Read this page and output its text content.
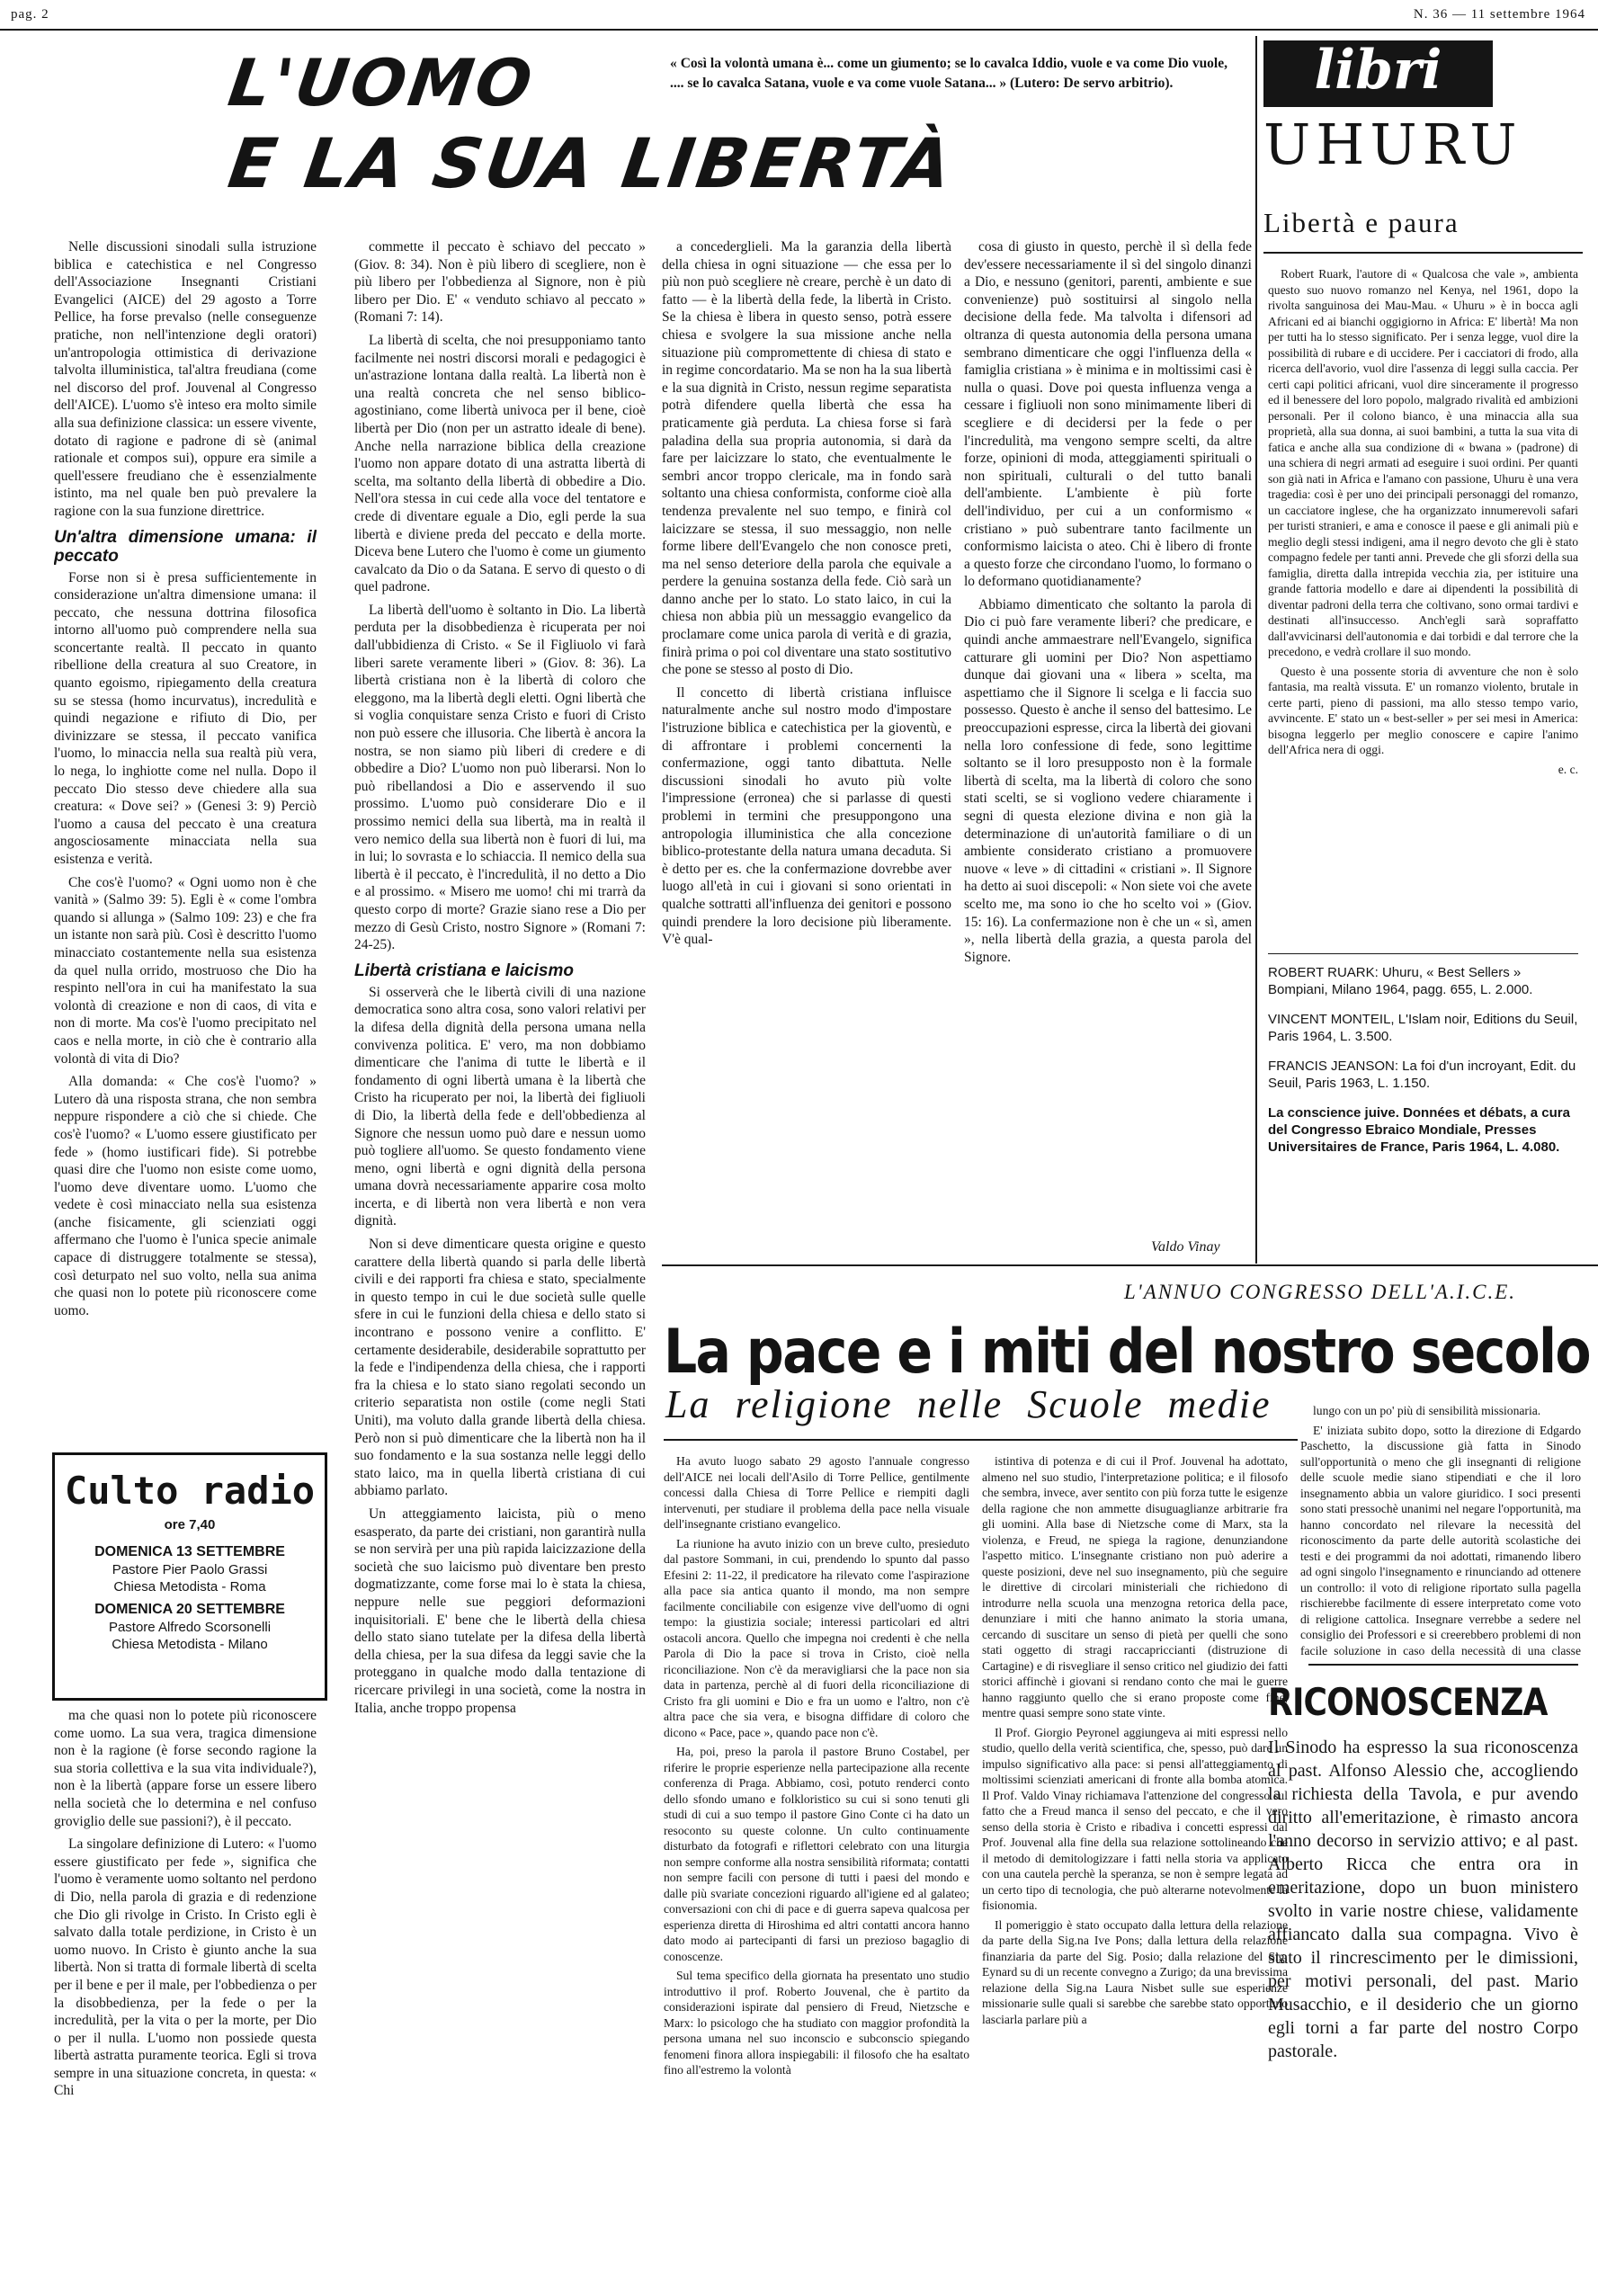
pag. 2	N. 36 — 11 settembre 1964
L'UOMO
E LA SUA LIBERTÀ
« Così la volontà umana è... come un giumento; se lo cavalca Iddio, vuole e va come Dio vuole, .... se lo cavalca Satana, vuole e va come vuole Satana... » (Lutero: De servo arbitrio).

Nelle discussioni sinodali sulla istruzione biblica e catechistica e nel Congresso dell'Associazione Insegnanti Cristiani Evangelici (AICE) del 29 agosto a Torre Pellice, ha forse prevalso (nelle conseguenze pratiche, non nell'intenzione degli oratori) un'antropologia ottimistica di derivazione talvolta illuministica, tal'altra freudiana (come nel discorso del prof. Jouvenal al Congresso dell'AICE). L'uomo s'è inteso era molto simile alla sua definizione classica: un essere vivente, dotato di ragione e padrone di sè (animal rationale et compos sui), oppure era simile a quell'essere freudiano che è essenzialmente istinto, ma nel quale ben può prevalere la ragione con la sua funzione direttrice.

Un'altra dimensione umana: il peccato

Forse non si è presa sufficientemente in considerazione un'altra dimensione umana: il peccato, che nessuna dottrina filosofica intorno all'uomo può comprendere nella sua sconcertante realtà. Il peccato in quanto ribellione della creatura al suo Creatore, in quanto egoismo, ripiegamento della creatura su se stessa (homo incurvatus), incredulità e quindi negazione e rifiuto di Dio, per divinizzare se stessa, il peccato vanifica l'uomo, lo minaccia nella sua realtà più vera, lo nega, lo inghiotte come nel nulla. Dopo il peccato Dio stesso deve chiedere alla sua creatura: « Dove sei? » (Genesi 3: 9) Perciò l'uomo a causa del peccato è una creatura angosciosamente minacciata nella sua esistenza e verità.

Che cos'è l'uomo? « Ogni uomo non è che vanità » (Salmo 39: 5). Egli è « come l'ombra quando si allunga » (Salmo 109: 23) e che fra un istante non sarà più. Così è descritto l'uomo minacciato costantemente nella sua esistenza da quel nulla orrido, mostruoso che Dio ha respinto nell'ora in cui ha manifestato la sua volontà di creazione e non di caos, di vita e non di morte. Ma cos'è l'uomo precipitato nel caos e nella morte, in ciò che è contrario alla volontà di vita di Dio?

Alla domanda: « Che cos'è l'uomo? » Lutero dà una risposta strana, che non sembra neppure rispondere a ciò che si chiede. Che cos'è l'uomo? « L'uomo essere giustificato per fede » (homo iustificari fide). Si potrebbe quasi dire che l'uomo non esiste come uomo, l'uomo deve diventare uomo. L'uomo che vedete è così minacciato nella sua esistenza (anche fisicamente, gli scienziati oggi affermano che l'uomo è l'unica specie animale capace di distruggere totalmente se stessa), così deturpato nel suo volto, nella sua anima che quasi non lo potete più riconoscere come uomo.

Culto radio
ore 7,40
DOMENICA 13 SETTEMBRE
Pastore Pier Paolo Grassi
Chiesa Metodista - Roma
DOMENICA 20 SETTEMBRE
Pastore Alfredo Scorsonelli
Chiesa Metodista - Milano

ma che quasi non lo potete più riconoscere come uomo. La sua vera, tragica dimensione non è la ragione (è forse secondo ragione la sua storia collettiva e la sua vita individuale?), non è la libertà (appare forse un essere libero nella società che lo determina e nel confuso groviglio delle sue passioni?), è il peccato.

La singolare definizione di Lutero: « l'uomo essere giustificato per fede », significa che l'uomo è veramente uomo soltanto nel perdono di Dio, nella parola di grazia e di redenzione che Dio gli rivolge in Cristo. In Cristo egli è salvato dalla totale perdizione, in Cristo è un uomo nuovo. In Cristo è giunto anche la sua libertà. Non si tratta di formale libertà di scelta per il bene e per il male, per l'obbedienza o per la disobbedienza, per la fede o per la incredulità, per la vita o per la morte, per Dio o per il nulla. L'uomo non possiede questa libertà astratta puramente teorica. Egli si trova sempre in una situazione concreta, in questa: « Chi

commette il peccato è schiavo del peccato » (Giov. 8: 34). Non è più libero di scegliere, non è più libero per l'obbedienza al Signore, non è più libero per Dio. E' « venduto schiavo al peccato » (Romani 7: 14).

La libertà di scelta, che noi presupponiamo tanto facilmente nei nostri discorsi morali e pedagogici è un'astrazione lontana dalla realtà. La libertà non è una realtà concreta che nel senso biblico-agostiniano, come libertà univoca per il bene, cioè libertà per Dio (non per un astratto ideale di bene). Anche nella narrazione biblica della creazione l'uomo non appare dotato di una astratta libertà di scelta, ma soltanto della libertà di obbedire a Dio. Nell'ora stessa in cui cede alla voce del tentatore e crede di diventare eguale a Dio, egli perde la sua libertà e diviene preda del peccato e della morte. Diceva bene Lutero che l'uomo è come un giumento cavalcato da Dio o da Satana. E servo di questo o di quel padrone.

La libertà dell'uomo è soltanto in Dio. La libertà perduta per la disobbedienza è ricuperata per noi dall'ubbidienza di Cristo. « Se il Figliuolo vi farà liberi sarete veramente liberi » (Giov. 8: 36). La libertà cristiana non è la libertà di coloro che eleggono, ma la libertà degli eletti. Ogni libertà che si voglia conquistare senza Cristo e fuori di Cristo non può essere che illusoria. Che libertà è ancora la nostra, se non siamo più liberi di credere e di obbedire a Dio? L'uomo non può liberarsi. Non lo può ribellandosi a Dio e asservendo il suo prossimo. L'uomo può considerare Dio e il prossimo nemici della sua libertà, ma in realtà il vero nemico della sua libertà non è fuori di lui, ma in lui; lo sovrasta e lo schiaccia. Il nemico della sua libertà è il peccato, è l'incredulità, il no detto a Dio e al prossimo. « Misero me uomo! chi mi trarrà da questo corpo di morte? Grazie siano rese a Dio per mezzo di Gesù Cristo, nostro Signore » (Romani 7: 24-25).

Libertà cristiana e laicismo

Si osserverà che le libertà civili di una nazione democratica sono altra cosa, sono valori relativi per la difesa della dignità della persona umana nella convivenza politica. E' vero, ma non dobbiamo dimenticare che l'anima di tutte le libertà e il fondamento di ogni libertà umana è la libertà che Cristo ha ricuperato per noi, la libertà dei figliuoli di Dio, la libertà della fede e dell'obbedienza al Signore che nessun uomo può dare e nessun uomo può togliere all'uomo. Se questo fondamento viene meno, ogni libertà e ogni dignità della persona umana dovrà necessariamente apparire cosa molto incerta, e di libertà non vera libertà e non vera dignità.

Non si deve dimenticare questa origine e questo carattere della libertà quando si parla delle libertà civili e dei rapporti fra chiesa e stato, specialmente in questo tempo in cui le due società sulle quelle sfere in cui le funzioni della chiesa e dello stato si incontrano e possono venire a conflitto. E' certamente desiderabile, desiderabile soprattutto per la fede e l'indipendenza della chiesa, che i rapporti fra la chiesa e lo stato siano regolati secondo un criterio separatista non ostile (come negli Stati Uniti), ma voluto dalla grande libertà della chiesa. Però non si può dimenticare che la libertà non ha il suo fondamento e la sua sostanza nelle leggi dello stato laico, ma in quella libertà cristiana di cui abbiamo parlato.

Un atteggiamento laicista, più o meno esasperato, da parte dei cristiani, non garantirà nulla se non servirà per una più rapida laicizzazione della società che suo laicismo può diventare ben presto dogmatizzante, come forse mai lo è stata la chiesa, neppure nelle sue peggiori deformazioni inquisitoriali. E' bene che le libertà della chiesa dello stato siano tutelate per la difesa della libertà della chiesa, per la sua difesa da leggi savie che la proteggano in qualche modo dalla tentazione di ricercare privilegi in una società, come la nostra in Italia, anche troppo propensa

a concederglieli. Ma la garanzia della libertà della chiesa in ogni situazione — che essa per lo più non può scegliere nè creare, perchè è un dato di fatto — è la libertà della fede, la libertà in Cristo. Se la chiesa è libera in questo senso, potrà essere chiesa e svolgere la sua missione anche nella situazione più compromettente di chiesa di stato e in regime concordatario. Ma se non ha la sua libertà e la sua dignità in Cristo, nessun regime separatista potrà difendere quella libertà che essa ha praticamente già perduta. La chiesa forse si farà paladina della sua propria autonomia, si darà da fare per laicizzare lo stato, che eventualmente le sembri ancor troppo clericale, ma in fondo sarà soltanto una chiesa conformista, conforme cioè alla tendenza prevalente nel suo tempo, e finirà col laicizzare se stessa, il suo messaggio, non nelle forme libere dell'Evangelo che non conosce preti, ma nel senso deteriore della parola che equivale a perdere la genuina sostanza della fede. Ciò sarà un danno anche per lo stato. Lo stato laico, in cui la chiesa non abbia più un messaggio evangelico da proclamare come unica parola di verità e di grazia, finirà prima o poi col diventare una stato sostitutivo che pone se stesso al posto di Dio.

Il concetto di libertà cristiana influisce naturalmente anche sul nostro modo d'impostare l'istruzione biblica e catechistica per la gioventù, e di affrontare i problemi concernenti la confermazione, oggi tanto dibattuta. Nelle discussioni sinodali ho avuto più volte l'impressione (erronea) che si parlasse di questi problemi in termini che presuppongono una antropologia illuministica che alla concezione biblico-protestante della natura umana decaduta. Si è detto per es. che la confermazione dovrebbe aver luogo all'età in cui i giovani si sono orientati in qualche sottratti all'influenza dei genitori e possono quindi prendere la loro decisione più liberamente. V'è qual-

cosa di giusto in questo, perchè il sì della fede dev'essere necessariamente il sì del singolo dinanzi a Dio, e nessuno (genitori, parenti, ambiente e sue convenienze) può sostituirsi al singolo nella decisione della fede. Ma talvolta i difensori ad oltranza di questa autonomia della persona umana sembrano dimenticare che oggi l'influenza della « famiglia cristiana » è minima e in moltissimi casi è nulla o quasi. Dove poi questa influenza venga a cessare i figliuoli non sono minimamente liberi di scegliere e di decidersi per la fede o per l'incredulità, ma vengono sempre scelti, da altre forze, opinioni di moda, atteggiamenti spirituali o non spirituali, culturali o del tutto banali dell'ambiente. L'ambiente è più forte dell'individuo, per cui a un conformismo « cristiano » può subentrare tanto facilmente un conformismo laicista o ateo. Chi è libero di fronte a questo forze che circondano l'uomo, lo formano o lo deformano quotidianamente?

Abbiamo dimenticato che soltanto la parola di Dio ci può fare veramente liberi? che predicare, e quindi anche ammaestrare nell'Evangelo, significa catturare gli uomini per Dio? Non aspettiamo dunque dai giovani una « libera » scelta, ma aspettiamo che il Signore li scelga e li faccia suo possesso. Questo è anche il senso del battesimo. Le preoccupazioni espresse, circa la libertà dei giovani nella loro confessione di fede, sono legittime soltanto se il loro presupposto non è la formale libertà di scelta, ma la libertà di coloro che sono stati scelti, se si vogliono vedere chiaramente i segni di questa elezione divina e non già la determinazione di un'autorità familiare o di un ambiente considerato cristiano a promuovere nuove « leve » di cittadini « cristiani ». Il Signore ha detto ai suoi discepoli: « Non siete voi che avete scelto me, ma sono io che ho scelto voi » (Giov. 15: 16). La confermazione non è che un « sì, amen », nella libertà della grazia, a questa parola del Signore.

Valdo Vinay
libri
UHURU
Libertà e paura

Robert Ruark, l'autore di « Qualcosa che vale », ambienta questo suo nuovo romanzo nel Kenya, nel 1961, dopo la rivolta sanguinosa dei Mau-Mau. « Uhuru » è in bocca agli Africani ed ai bianchi oggigiorno in Africa: E' libertà! Ma non per tutti ha lo stesso significato. Per i senza legge, vuol dire la possibilità di rubare e di uccidere. Per i cacciatori di frodo, alla ricerca dell'avorio, vuol dire l'assenza di leggi sulla caccia. Per certi capi politici africani, vuol dire sinceramente il progresso ed il benessere del loro popolo, malgrado rivalità ed ambizioni personali. Per il colono bianco, è una minaccia alla sua proprietà, alla sua donna, ai suoi bambini, a tutta la sua vita di fatica e anche alla sua condizione di « bwana » (padrone) di una schiera di negri armati ad eseguire i suoi ordini. Per quanti son già nati in Africa e l'amano con passione, Uhuru è una vera tragedia: così è per uno dei principali personaggi del romanzo, un cacciatore inglese, che ha organizzato innumerevoli safari per turisti stranieri, e ama e conosce il paese e gli animali più e meglio degli stessi indigeni, ama il negro devoto che gli è stato compagno fedele per tanti anni. Prevede che gli sforzi della sua famiglia, diretta dalla intrepida vecchia zia, per istituire una grande fattoria modello e dare ai dipendenti la possibilità di diventar padroni della terra che coltivano, sono ormai tardivi e destinati all'insuccesso. Anch'egli sarà sopraffatto dall'avvicinarsi dell'autonomia e dai torbidi e dal terrore che la precedono, e vedrà crollare il suo mondo.

Questo è una possente storia di avventure che non è solo fantasia, ma realtà vissuta. E' un romanzo violento, brutale in certe parti, pieno di passioni, ma allo stesso tempo vario, avvincente. E' stato un « best-seller » per sei mesi in America: bisogna leggerlo per meglio conoscere e capire l'animo dell'Africa nera di oggi.

e. c.
ROBERT RUARK: Uhuru, « Best Sellers » Bompiani, Milano 1964, pagg. 655, L. 2.000.
VINCENT MONTEIL, L'Islam noir, Editions du Seuil, Paris 1964, L. 3.500.
FRANCIS JEANSON: La foi d'un incroyant, Edit. du Seuil, Paris 1963, L. 1.150.
La conscience juive. Données et débats, a cura del Congresso Ebraico Mondiale, Presses Universitaires de France, Paris 1964, L. 4.080.
L'ANNUO CONGRESSO DELL'A.I.C.E.
La pace e i miti del nostro secolo
La religione nelle Scuole medie

Ha avuto luogo sabato 29 agosto l'annuale congresso dell'AICE nei locali dell'Asilo di Torre Pellice, gentilmente concessi dalla Chiesa di Torre Pellice e riempiti dagli intervenuti, per studiare il problema della pace nella visuale dell'insegnante cristiano evangelico.

La riunione ha avuto inizio con un breve culto, presieduto dal pastore Sommani, in cui, prendendo lo spunto dal passo Efesini 2: 11-22, il predicatore ha rilevato come l'aspirazione alla pace sia antica quanto il mondo, ma non sempre facilmente conciliabile con esigenze vive dell'uomo di ogni tempo: la giustizia sociale; interessi particolari ed altri ostacoli ancora. Quello che impegna noi credenti è che nella Parola di Dio la pace si trova in Cristo, cioè nella riconciliazione. Non c'è da meravigliarsi che la pace non sia data in partenza, perchè al di fuori della riconciliazione di Cristo fra gli uomini e Dio e fra un uomo e l'altro, non c'è altra pace che sia vera, e bisogna diffidare di coloro che dicono « Pace, pace », quando pace non c'è.

Ha, poi, preso la parola il pastore Bruno Costabel, per riferire le proprie esperienze nella partecipazione alla recente conferenza di Praga. Abbiamo, così, potuto renderci conto dello sfondo umano e folkloristico su cui si sono tenuti gli studi di cui a suo tempo il pastore Gino Conte ci ha dato un resoconto su queste colonne. Un culto continuamente disturbato da fotografi e riflettori celebrato con una liturgia non sempre conforme alla nostra sensibilità riformata; contatti non sempre facili con persone di tutti i paesi del mondo e dalle più svariate concezioni riguardo all'igiene ed al galateo; conversazioni con chi di pace e di guerra sapeva qualcosa per esperienza diretta di Hiroshima ed altri contatti ancora hanno dato modo ai partecipanti di farsi un prezioso bagaglio di conoscenze.

Sul tema specifico della giornata ha presentato uno studio introduttivo il prof. Roberto Jouvenal, che è partito da considerazioni ispirate dal pensiero di Freud, Nietzsche e Marx: lo psicologo che ha studiato con maggior profondità la persona umana nel suo inconscio e subconscio spiegando fenomeni finora allora inspiegabili: il filosofo che ha esaltato fino all'estremo la volontà

istintiva di potenza e di cui il Prof. Jouvenal ha adottato, almeno nel suo studio, l'interpretazione politica; e il filosofo che sembra, invece, aver sentito con più forza tutte le esigenze della ragione che non ammette disuguaglianze arbitrarie fra gli uomini. Alla base di Nietzsche come di Marx, sta la violenza, e Freud, ne spiega la ragione, denunziandone l'aspetto mitico. L'insegnante cristiano non può aderire a queste posizioni, deve nel suo insegnamento, più che seguire le direttive di circolari ministeriali che richiedono di introdurre nella scuola una menzogna retorica della pace, denunziare i miti che hanno animato la storia umana, cercando di suscitare un senso di pietà per quelli che sono stati oggetto di stragi raccapriccianti (distruzione di Cartagine) e di risvegliare il senso critico nel giudizio dei fatti storici affinchè i giovani si rendano conto che mai le guerre hanno raggiunto quello che si erano proposte come fine, mentre quasi sempre sono state vinte.

Il Prof. Giorgio Peyronel aggiungeva ai miti espressi nello studio, quello della verità scientifica, che, spesso, può dare un impulso significativo alla pace: si pensi all'atteggiamento di moltissimi scienziati americani di fronte alla bomba atomica. Il Prof. Valdo Vinay richiamava l'attenzione del congresso sul fatto che a Freud manca il senso del peccato, e che il vero senso della storia è Cristo e ribadiva i concetti espressi dal Prof. Jouvenal alla fine della sua relazione sottolineando che il metodo di demitologizzare i fatti nella storia va applicato con una cautela perchè la speranza, se non è sempre legata ad un certo tipo di tecnologia, che può alterarne notevolmente la fisionomia.

Il pomeriggio è stato occupato dalla lettura della relazione da parte della Sig.na Ive Pons; dalla lettura della relazione finanziaria da parte del Sig. Posio; dalla relazione del Sig. Eynard su di un recente convegno a Zurigo; da una brevissima relazione della Sig.na Laura Nisbet sulle sue esperienze missionarie sulle quali si sarebbe che sarebbe stato opportuno lasciarla parlare più a

lungo con un po' più di sensibilità missionaria.

E' iniziata subito dopo, sotto la direzione di Edgardo Paschetto, la discussione già fatta in Sinodo sull'opportunità o meno che gli insegnanti di religione delle scuole medie siano stipendiati e che il loro insegnamento abbia un valore giuridico. I soci presenti sono stati pressochè unanimi nel negare l'opportunità, ma hanno concordato nel rilevare la necessità del riconoscimento da parte delle autorità scolastiche dei testi e dei programmi da noi adottati, rimanendo libero ad ogni singolo l'insegnamento e rinunciando ad ottenere un controllo: il voto di religione riportato sulla pagella rischierebbe facilmente di essere interpretato come voto di religione cattolica. Insegnare verrebbe a sedere nel consiglio dei Professori e si creerebbero problemi di non facile soluzione in caso della necessità di una classe

RICONOSCENZA
Il Sinodo ha espresso la sua riconoscenza al past. Alfonso Alessio che, accogliendo la richiesta della Tavola, e pur avendo diritto all'emeritazione, è rimasto ancora l'anno decorso in servizio attivo; e al past. Alberto Ricca che entra ora in emeritazione, dopo un buon ministero svolto in varie nostre chiese, validamente affiancato dalla sua compagna. Vivo è stato il rincrescimento per le dimissioni, per motivi personali, del past. Mario Musacchio, e il desiderio che un giorno egli torni a far parte del nostro Corpo pastorale.
